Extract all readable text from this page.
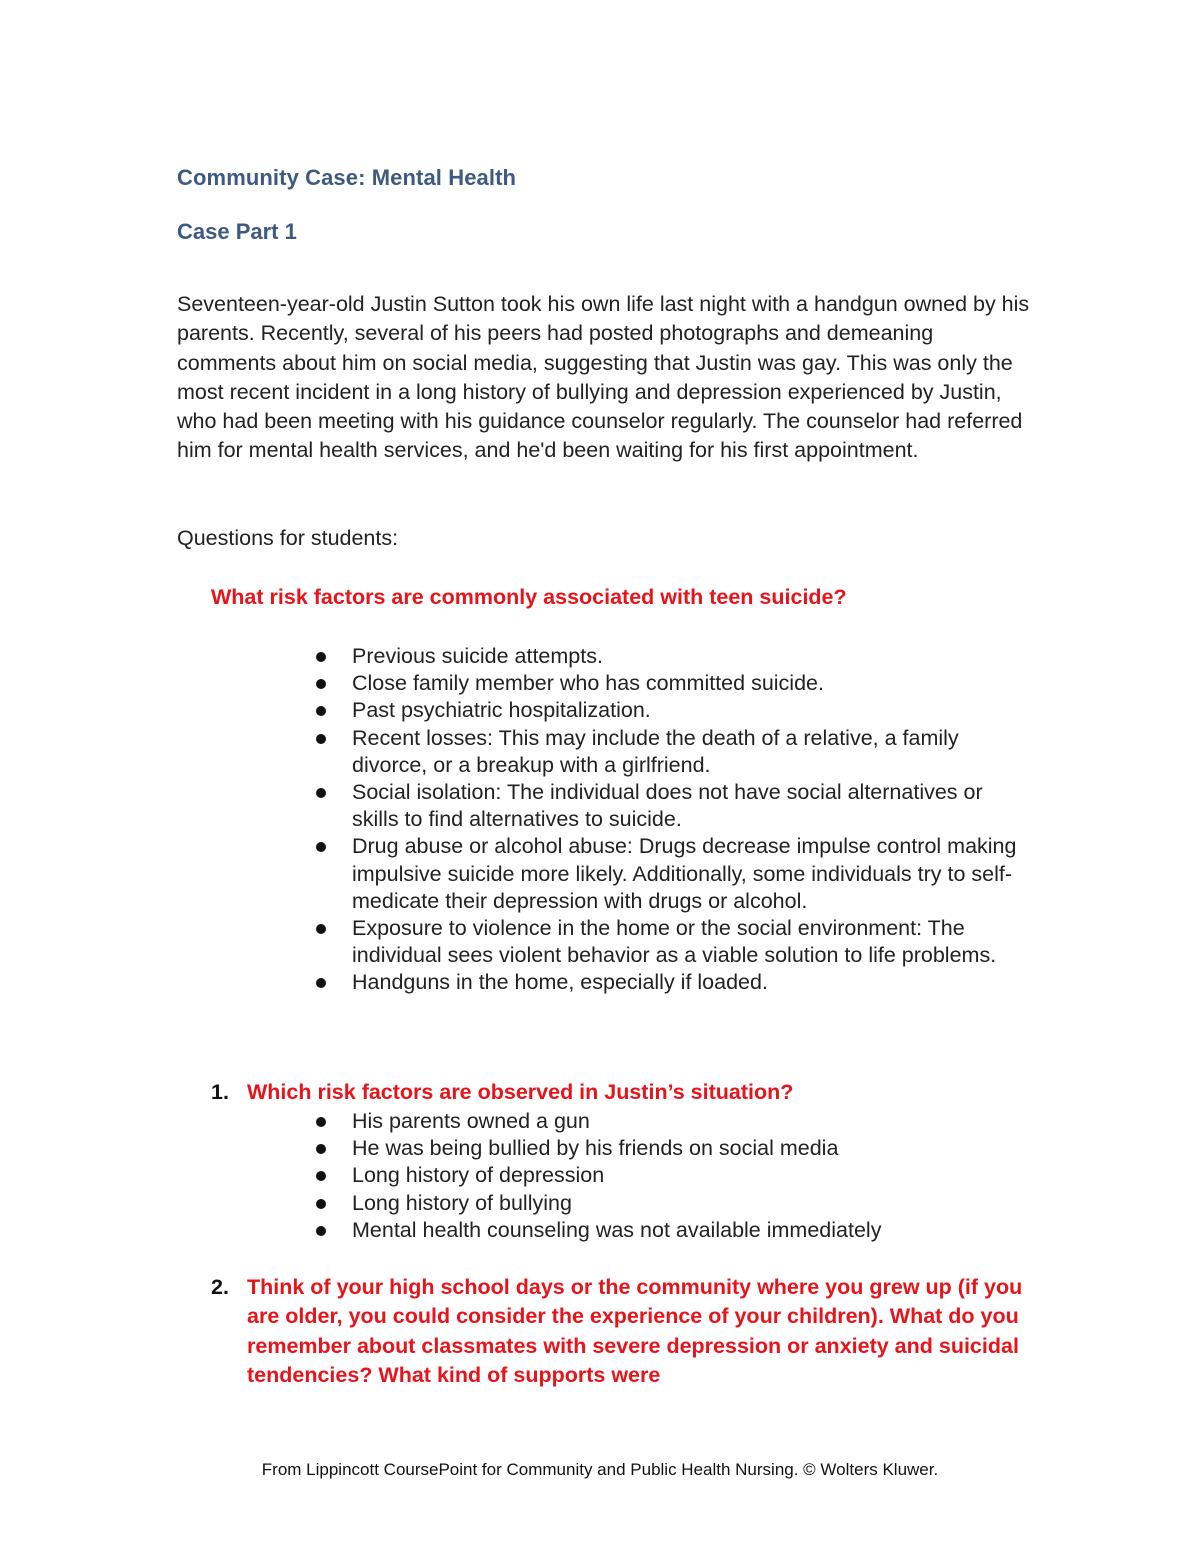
Community Case: Mental Health
Case Part 1

Seventeen-year-old Justin Sutton took his own life last night with a handgun owned by his parents. Recently, several of his peers had posted photographs and demeaning comments about him on social media, suggesting that Justin was gay. This was only the most recent incident in a long history of bullying and depression experienced by Justin, who had been meeting with his guidance counselor regularly. The counselor had referred him for mental health services, and he'd been waiting for his first appointment.

Questions for students:

What risk factors are commonly associated with teen suicide?

Previous suicide attempts.
Close family member who has committed suicide.
Past psychiatric hospitalization.
Recent losses: This may include the death of a relative, a family divorce, or a breakup with a girlfriend.
Social isolation: The individual does not have social alternatives or skills to find alternatives to suicide.
Drug abuse or alcohol abuse: Drugs decrease impulse control making impulsive suicide more likely. Additionally, some individuals try to self-medicate their depression with drugs or alcohol.
Exposure to violence in the home or the social environment: The individual sees violent behavior as a viable solution to life problems.
Handguns in the home, especially if loaded.
1. Which risk factors are observed in Justin’s situation?
His parents owned a gun
He was being bullied by his friends on social media
Long history of depression
Long history of bullying
Mental health counseling was not available immediately
2. Think of your high school days or the community where you grew up (if you are older, you could consider the experience of your children). What do you remember about classmates with severe depression or anxiety and suicidal tendencies? What kind of supports were

From Lippincott CoursePoint for Community and Public Health Nursing. © Wolters Kluwer.
